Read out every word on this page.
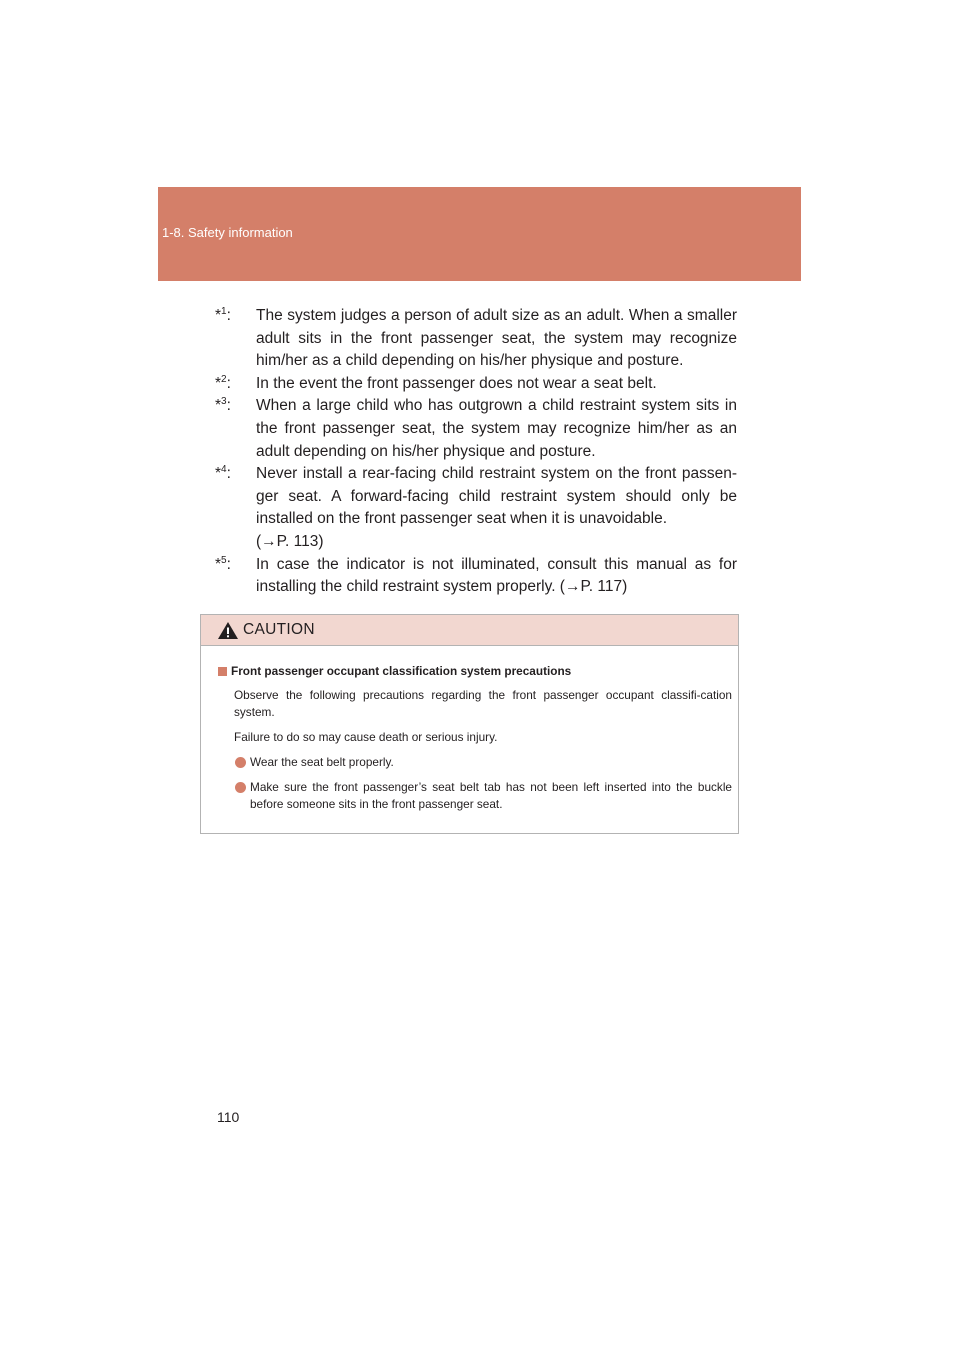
1-8. Safety information
*$^1$: The system judges a person of adult size as an adult. When a smaller adult sits in the front passenger seat, the system may recognize him/her as a child depending on his/her physique and posture.
*$^2$: In the event the front passenger does not wear a seat belt.
*$^3$: When a large child who has outgrown a child restraint system sits in the front passenger seat, the system may recognize him/her as an adult depending on his/her physique and posture.
*$^4$: Never install a rear-facing child restraint system on the front passen-ger seat. A forward-facing child restraint system should only be installed on the front passenger seat when it is unavoidable.
(→P. 113)
*$^5$: In case the indicator is not illuminated, consult this manual as for installing the child restraint system properly. (→P. 117)
CAUTION
Front passenger occupant classification system precautions
Observe the following precautions regarding the front passenger occupant classifi-cation system.
Failure to do so may cause death or serious injury.
Wear the seat belt properly.
Make sure the front passenger’s seat belt tab has not been left inserted into the buckle before someone sits in the front passenger seat.
110
